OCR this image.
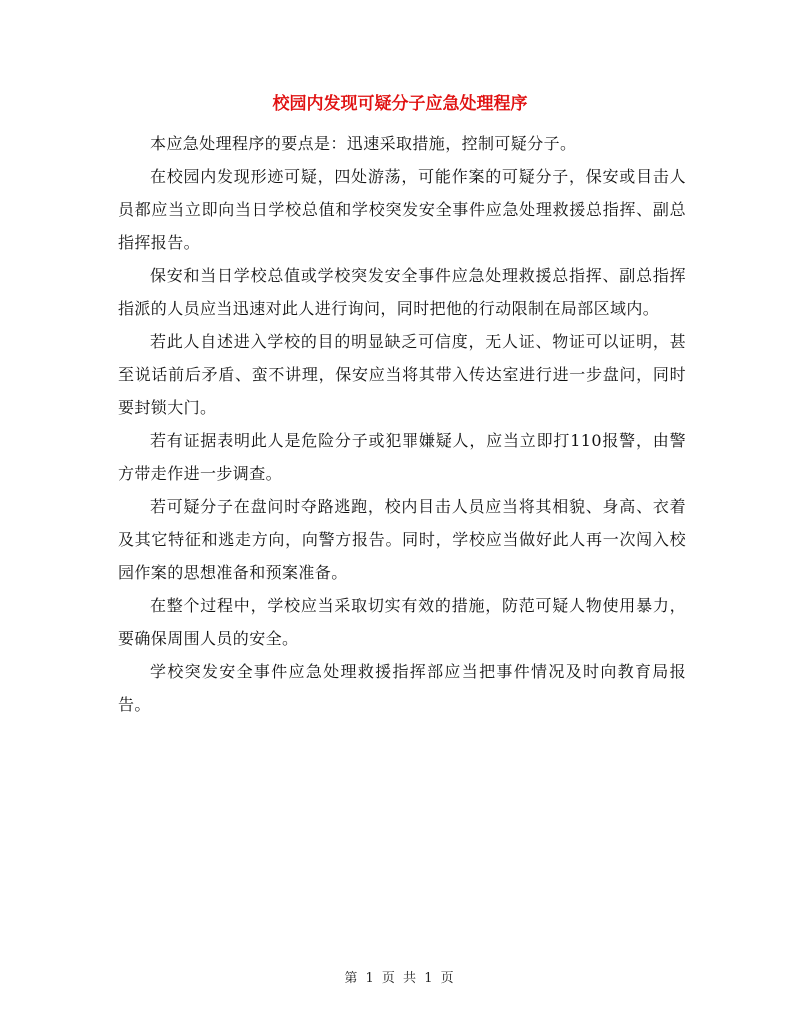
校园内发现可疑分子应急处理程序

本应急处理程序的要点是：迅速采取措施，控制可疑分子。

在校园内发现形迹可疑，四处游荡，可能作案的可疑分子，保安或目击人员都应当立即向当日学校总值和学校突发安全事件应急处理救援总指挥、副总指挥报告。

保安和当日学校总值或学校突发安全事件应急处理救援总指挥、副总指挥指派的人员应当迅速对此人进行询问，同时把他的行动限制在局部区域内。

若此人自述进入学校的目的明显缺乏可信度，无人证、物证可以证明，甚至说话前后矛盾、蛮不讲理，保安应当将其带入传达室进行进一步盘问，同时要封锁大门。

若有证据表明此人是危险分子或犯罪嫌疑人，应当立即打110报警，由警方带走作进一步调查。

若可疑分子在盘问时夺路逃跑，校内目击人员应当将其相貌、身高、衣着及其它特征和逃走方向，向警方报告。同时，学校应当做好此人再一次闯入校园作案的思想准备和预案准备。

在整个过程中，学校应当采取切实有效的措施，防范可疑人物使用暴力，要确保周围人员的安全。

学校突发安全事件应急处理救援指挥部应当把事件情况及时向教育局报告。

第 1 页 共 1 页
